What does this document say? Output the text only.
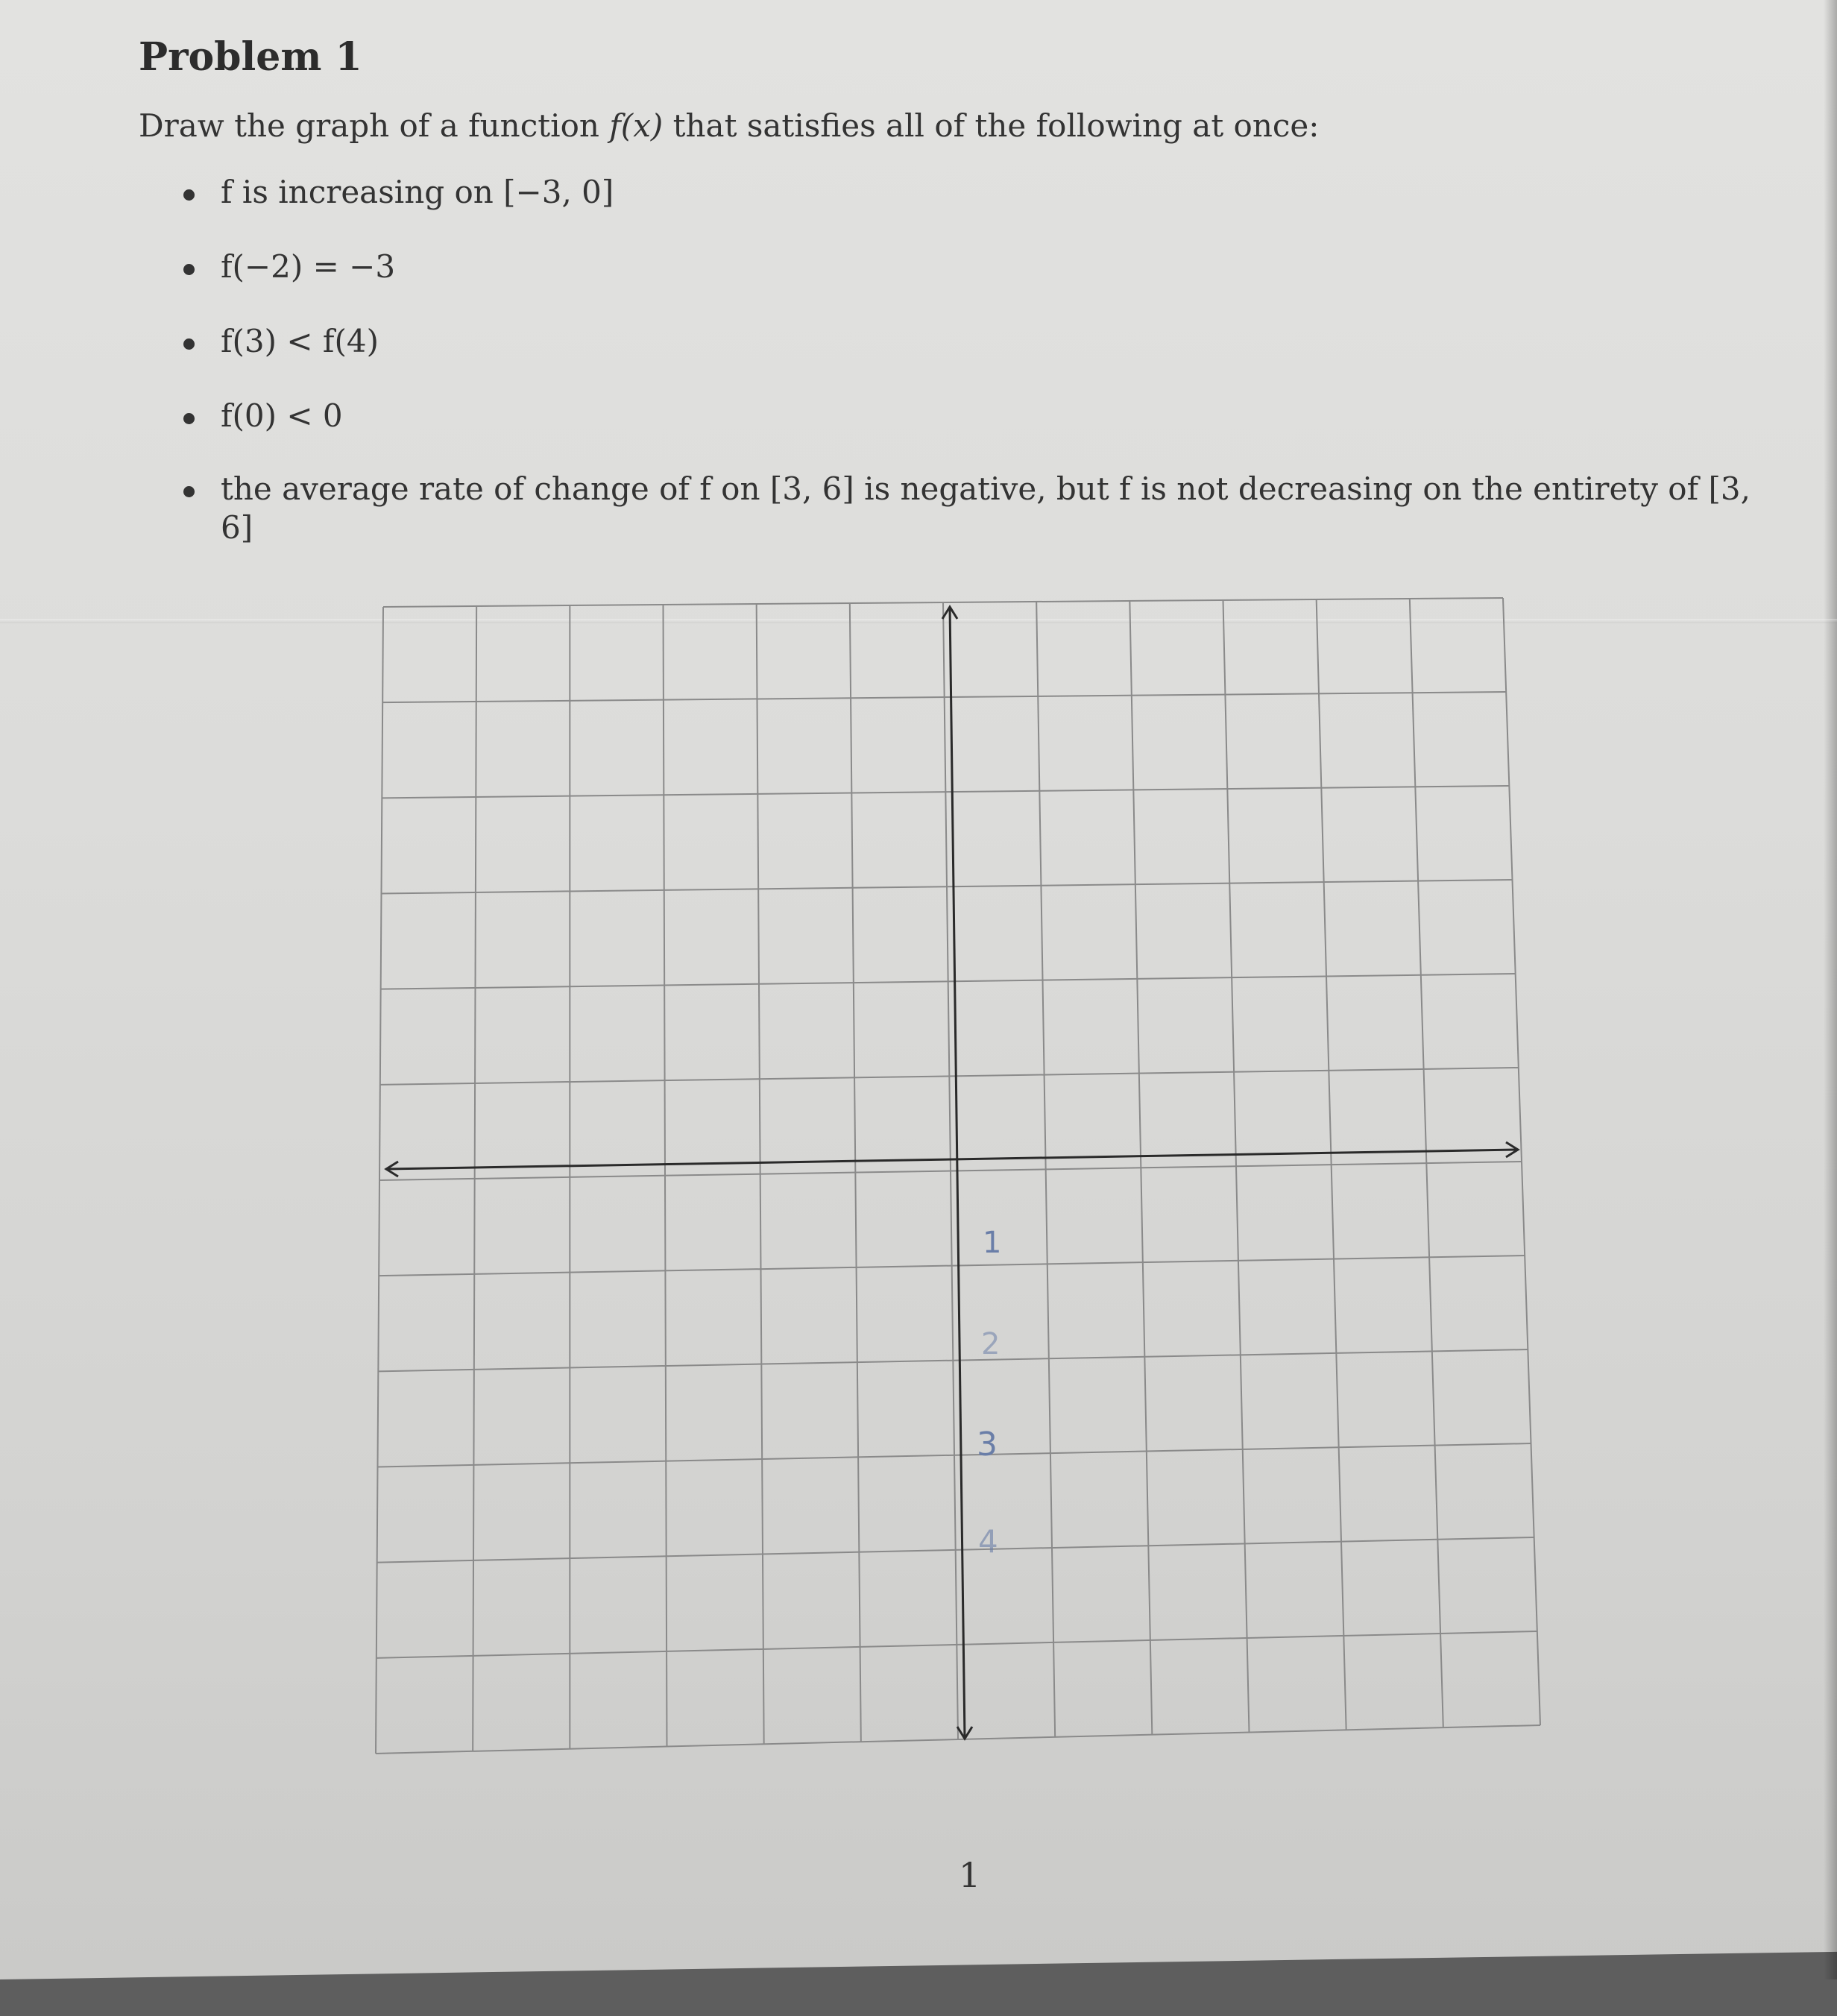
Problem 1
Draw the graph of a function f(x) that satisfies all of the following at once:
f is increasing on [−3, 0]
f(−2) = −3
f(3) < f(4)
f(0) < 0
the average rate of change of f on [3, 6] is negative, but f is not decreasing on the entirety of [3, 6]
1
2
3
4
1
